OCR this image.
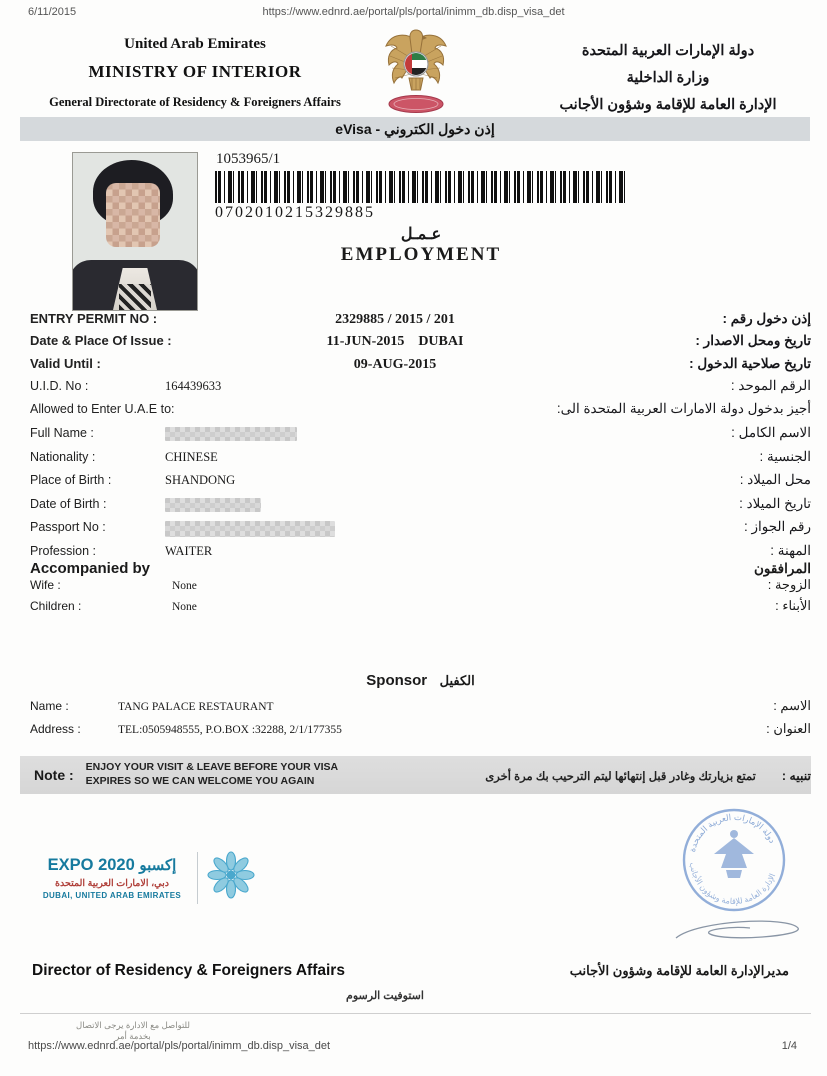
6/11/2015	https://www.ednrd.ae/portal/pls/portal/inimm_db.disp_visa_det

United Arab Emirates

MINISTRY OF INTERIOR

General Directorate of Residency & Foreigners Affairs

دولة الإمارات العربية المتحدة
وزارة الداخلية
الإدارة العامة للإقامة وشؤون الأجانب
إذن دخول الكتروني - eVisa
1053965/1
0702010215329885
عـمـل
EMPLOYMENT
ENTRY PERMIT NO :	2329885 / 2015 / 201	إذن دخول رقم :
Date & Place Of Issue :	11-JUN-2015    DUBAI	تاريخ ومحل الاصدار :
Valid Until :	09-AUG-2015	تاريخ صلاحية الدخول :
U.I.D. No :	164439633	الرقم الموحد :
Allowed to Enter U.A.E to:	أجيز بدخول دولة الامارات العربية المتحدة الى:
Full Name :	الاسم الكامل :
Nationality :	CHINESE	الجنسية :
Place of Birth :	SHANDONG	محل الميلاد :
Date of Birth :	تاريخ الميلاد :
Passport No :	رقم الجواز :
Profession :	WAITER	المهنة :
Accompanied by	المرافقون
Wife :	None	الزوجة :
Children :	None	الأبناء :
Sponsor الكفيل
Name :	TANG PALACE RESTAURANT	الاسم :
Address :	TEL:0505948555, P.O.BOX :32288, 2/1/177355	العنوان :
Note : ENJOY YOUR VISIT & LEAVE BEFORE YOUR VISA EXPIRES SO WE CAN WELCOME YOU AGAIN	تنبيه :
تمتع بزيارتك وغادر قبل إنتهائها ليتم الترحيب بك مرة أخرى
EXPO 2020 إكسبو
دبي، الامارات العربية المتحدة
DUBAI, UNITED ARAB EMIRATES
دولة الإمارات العربية المتحدة
الإدارة العامة للإقامة وشؤون الأجانب
Director of Residency & Foreigners Affairs	مديرالإدارة العامة للإقامة وشؤون الأجانب
استوفيت الرسوم
للتواصل مع الادارة يرجى الاتصال بخدمة أمر
https://www.ednrd.ae/portal/pls/portal/inimm_db.disp_visa_det	1/4
